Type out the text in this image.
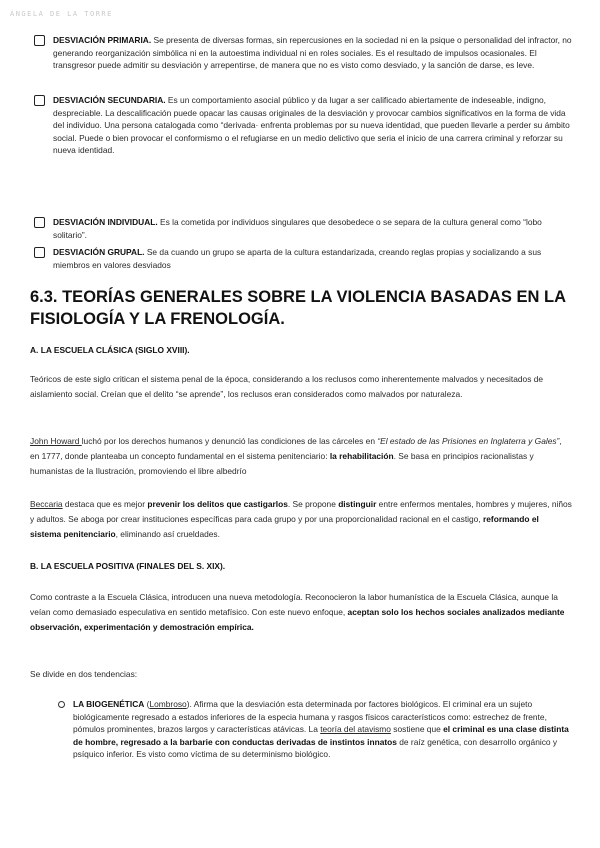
ÁNGELA DE LA TORRE
DESVIACIÓN PRIMARIA. Se presenta de diversas formas, sin repercusiones en la sociedad ni en la psique o personalidad del infractor, no generando reorganización simbólica ni en la autoestima individual ni en roles sociales. Es el resultado de impulsos ocasionales. El transgresor puede admitir su desviación y arrepentirse, de manera que no es visto como desviado, y la sanción de darse, es leve.
DESVIACIÓN SECUNDARIA. Es un comportamiento asocial público y da lugar a ser calificado abiertamente de indeseable, indigno, despreciable. La descalificación puede opacar las causas originales de la desviación y provocar cambios significativos en la forma de vida del individuo. Una persona catalogada como “derivada· enfrenta problemas por su nueva identidad, que pueden llevarle a perder su ámbito social. Puede o bien provocar el conformismo o el refugiarse en un medio delictivo que seria el inicio de una carrera criminal y reforzar su nueva identidad.
DESVIACIÓN INDIVIDUAL. Es la cometida por individuos singulares que desobedece o se separa de la cultura general como “lobo solitario”.
DESVIACIÓN GRUPAL. Se da cuando un grupo se aparta de la cultura estandarizada, creando reglas propias y socializando a sus miembros en valores desviados
6.3. TEORÍAS GENERALES SOBRE LA VIOLENCIA BASADAS EN LA FISIOLOGÍA Y LA FRENOLOGÍA.

A. LA ESCUELA CLÁSICA (SIGLO XVIII).

Teóricos de este siglo critican el sistema penal de la época, considerando a los reclusos como inherentemente malvados y necesitados de aislamiento social. Creían que el delito “se aprende”, los reclusos eran considerados como malvados por naturaleza.

John Howard luchó por los derechos humanos y denunció las condiciones de las cárceles en “El estado de las Prisiones en Inglaterra y Gales”, en 1777, donde planteaba un concepto fundamental en el sistema penitenciario: la rehabilitación. Se basa en principios racionalistas y humanistas de la Ilustración, promoviendo el libre albedrío

Beccaria destaca que es mejor prevenir los delitos que castigarlos. Se propone distinguir entre enfermos mentales, hombres y mujeres, niños y adultos. Se aboga por crear instituciones específicas para cada grupo y por una proporcionalidad racional en el castigo, reformando el sistema penitenciario, eliminando así crueldades.

B. LA ESCUELA POSITIVA (FINALES DEL S. XIX).

Como contraste a la Escuela Clásica, introducen una nueva metodología. Reconocieron la labor humanística de la Escuela Clásica, aunque la veían como demasiado especulativa en sentido metafísico. Con este nuevo enfoque, aceptan solo los hechos sociales analizados mediante observación, experimentación y demostración empírica.

Se divide en dos tendencias:

LA BIOGENÉTICA (Lombroso). Afirma que la desviación esta determinada por factores biológicos. El criminal era un sujeto biológicamente regresado a estados inferiores de la especia humana y rasgos físicos característicos como: estrechez de frente, pómulos prominentes, brazos largos y características atávicas. La teoría del atavismo sostiene que el criminal es una clase distinta de hombre, regresado a la barbarie con conductas derivadas de instintos innatos de raíz genética, con desarrollo orgánico y psíquico inferior. Es visto como víctima de su determinismo biológico.
